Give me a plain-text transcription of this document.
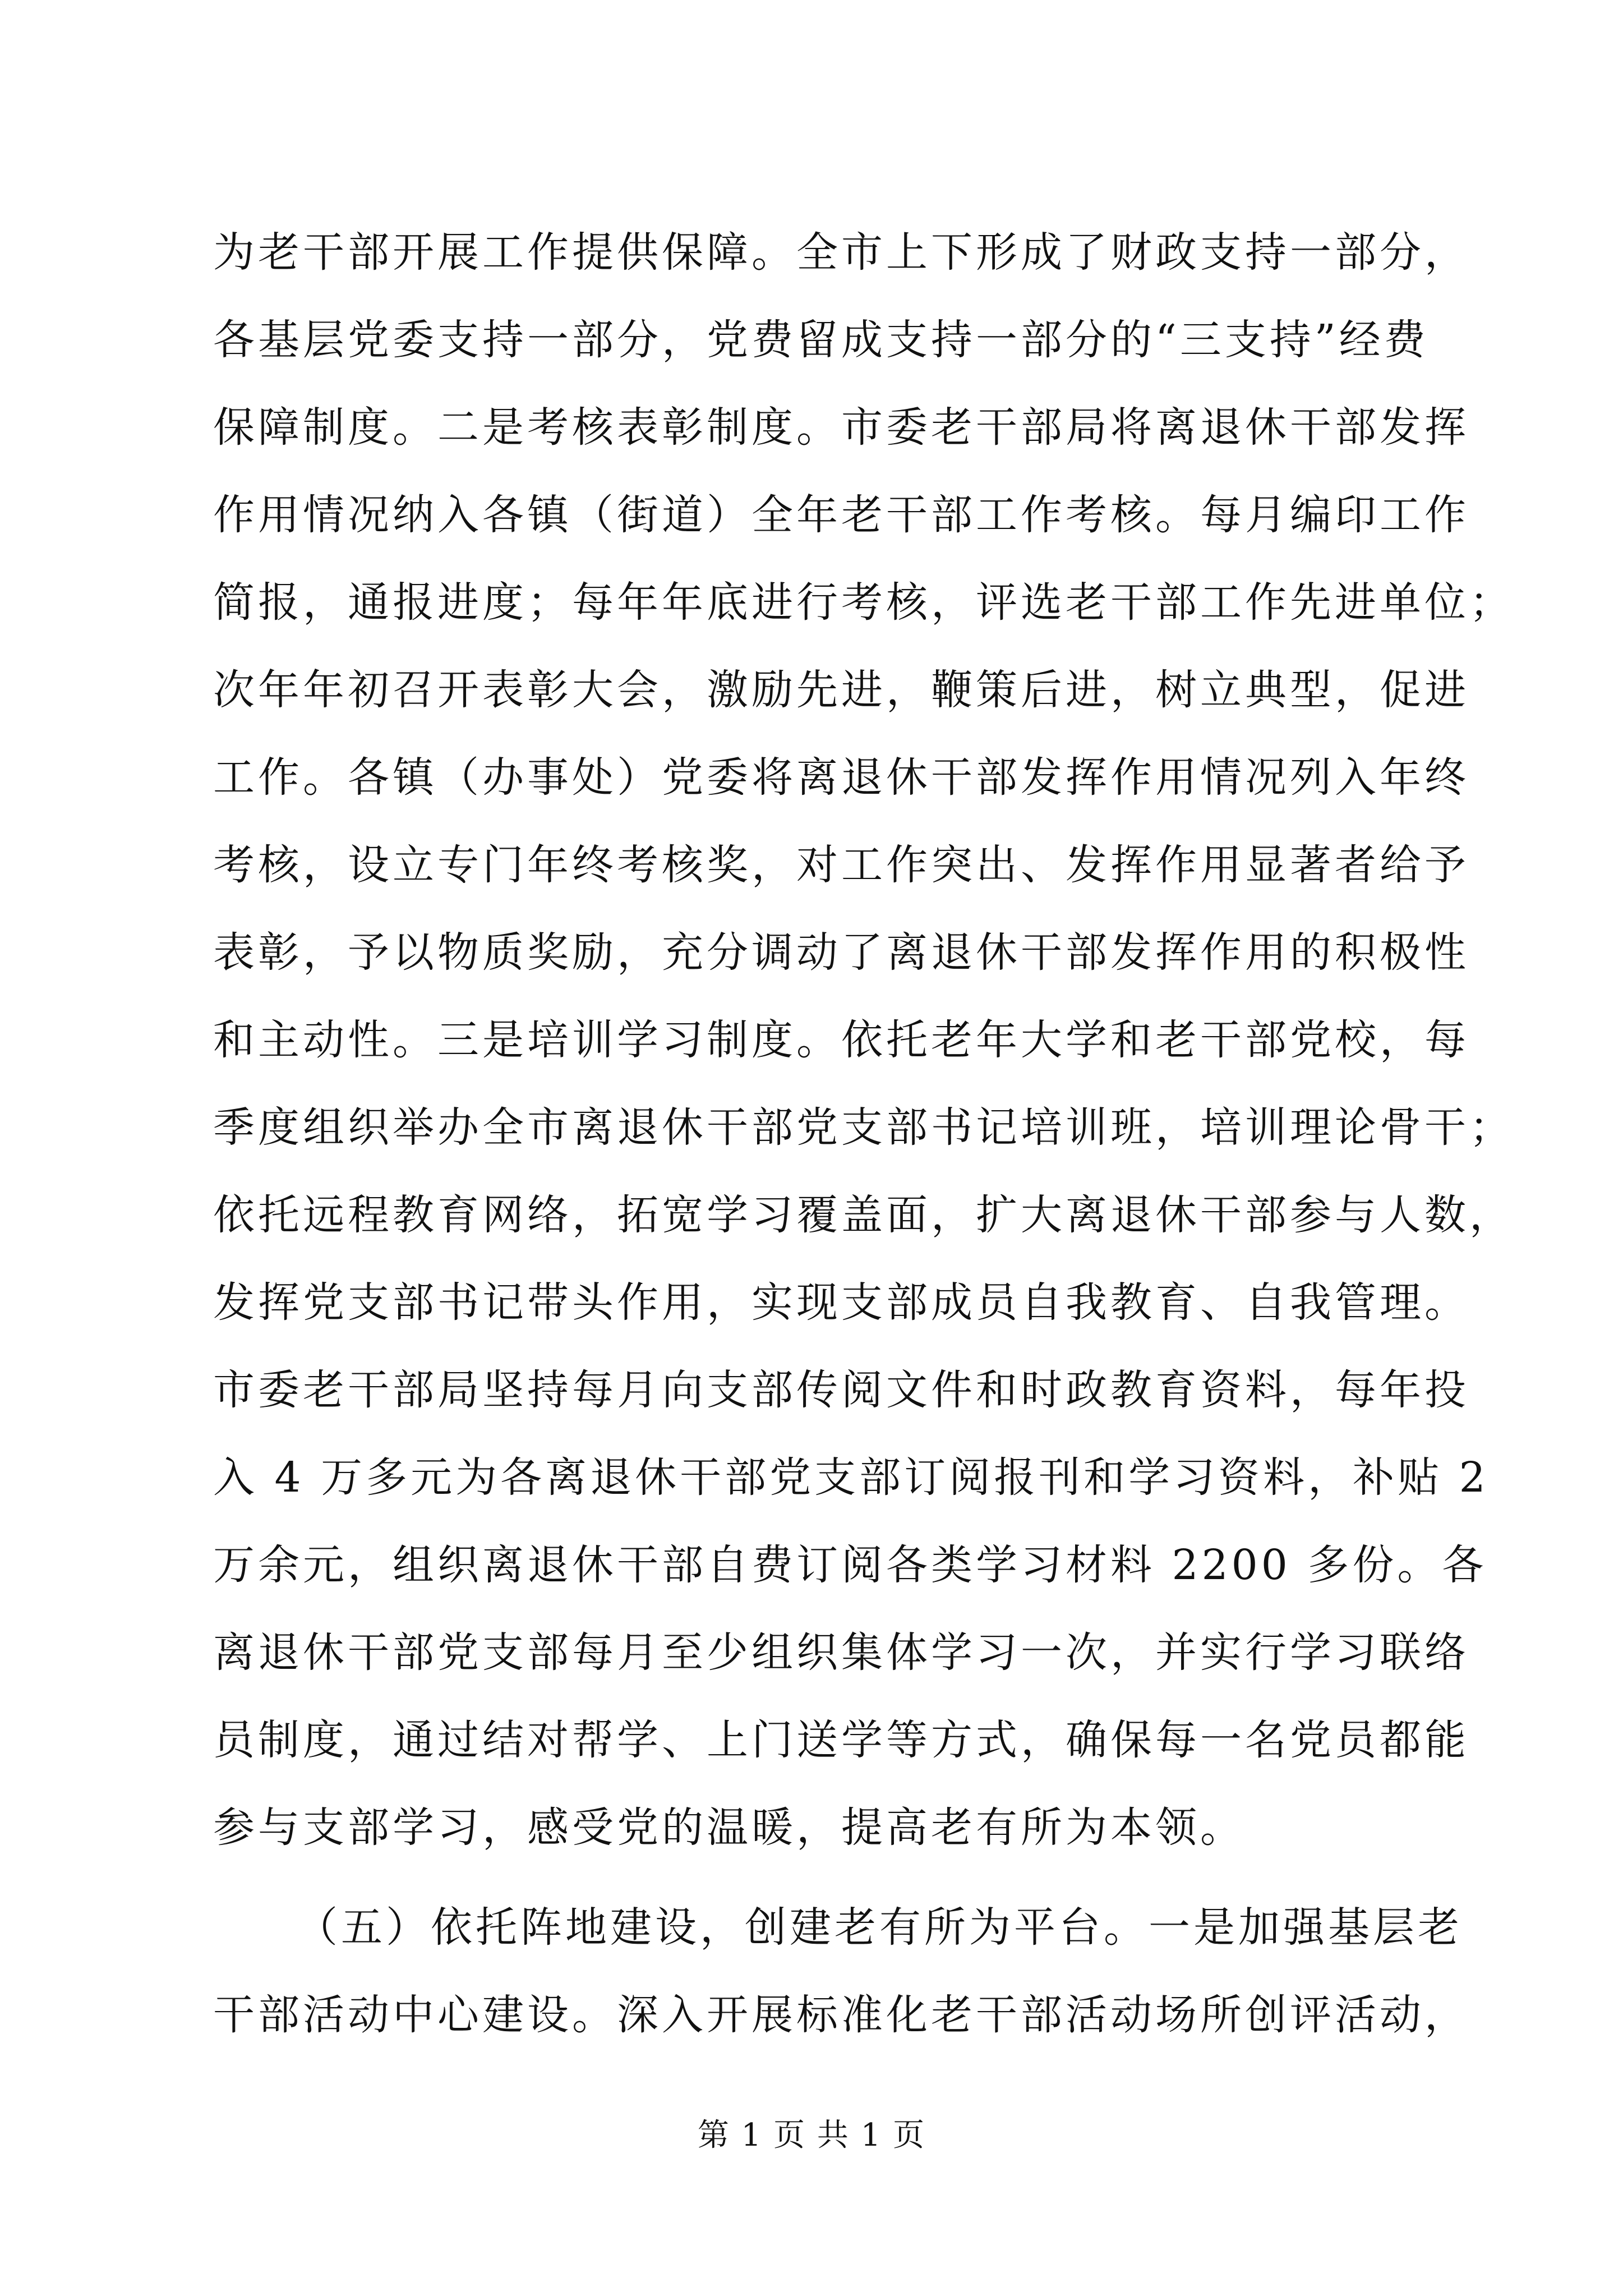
为老干部开展工作提供保障。全市上下形成了财政支持一部分，
各基层党委支持一部分，党费留成支持一部分的“三支持”经费
保障制度。二是考核表彰制度。市委老干部局将离退休干部发挥
作用情况纳入各镇（街道）全年老干部工作考核。每月编印工作
简报，通报进度；每年年底进行考核，评选老干部工作先进单位；
次年年初召开表彰大会，激励先进，鞭策后进，树立典型，促进
工作。各镇（办事处）党委将离退休干部发挥作用情况列入年终
考核，设立专门年终考核奖，对工作突出、发挥作用显著者给予
表彰，予以物质奖励，充分调动了离退休干部发挥作用的积极性
和主动性。三是培训学习制度。依托老年大学和老干部党校，每
季度组织举办全市离退休干部党支部书记培训班，培训理论骨干；
依托远程教育网络，拓宽学习覆盖面，扩大离退休干部参与人数，
发挥党支部书记带头作用，实现支部成员自我教育、自我管理。
市委老干部局坚持每月向支部传阅文件和时政教育资料，每年投
入 4 万多元为各离退休干部党支部订阅报刊和学习资料，补贴 2
万余元，组织离退休干部自费订阅各类学习材料 2200 多份。各
离退休干部党支部每月至少组织集体学习一次，并实行学习联络
员制度，通过结对帮学、上门送学等方式，确保每一名党员都能
参与支部学习，感受党的温暖，提高老有所为本领。
（五）依托阵地建设，创建老有所为平台。一是加强基层老
干部活动中心建设。深入开展标准化老干部活动场所创评活动，
第 1 页 共 1 页
